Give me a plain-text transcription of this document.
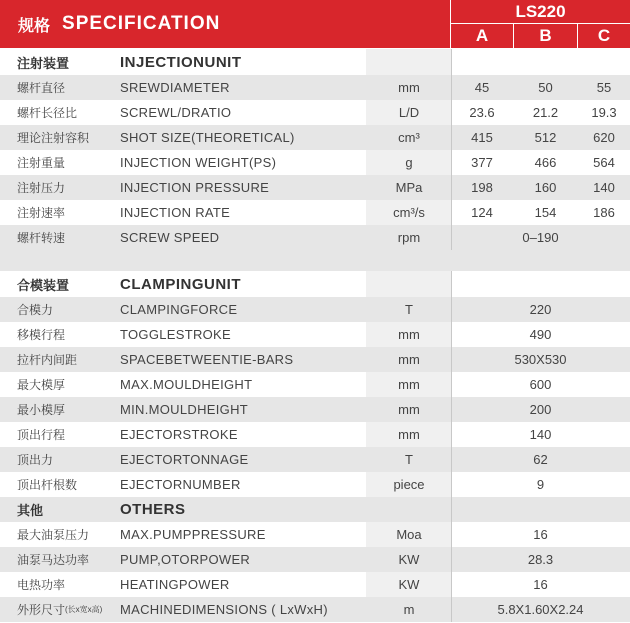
规格 SPECIFICATION
LS220
A	B	C
注射装置	INJECTIONUNIT
螺杆直径	SREWDIAMETER	mm	45	50	55
螺杆长径比	SCREWL/DRATIO	L/D	23.6	21.2	19.3
理论注射容积 SHOT SIZE(THEORETICAL)	cm³	415	512	620
注射重量	INJECTION WEIGHT(PS)	g	377	466	564
注射压力	INJECTION PRESSURE	MPa	198	160	140
注射速率	INJECTION RATE	cm³/s	124	154	186
螺杆转速	SCREW SPEED	rpm	0–190
合模装置	CLAMPINGUNIT
合模力	CLAMPINGFORCE	T	220
移模行程	TOGGLESTROKE	mm	490
拉杆内间距	SPACEBETWEENTIE-BARS	mm	530X530
最大模厚	MAX.MOULDHEIGHT	mm	600
最小模厚	MIN.MOULDHEIGHT	mm	200
顶出行程	EJECTORSTROKE	mm	140
顶出力	EJECTORTONNAGE	T	62
顶出杆根数	EJECTORNUMBER	piece	9
其他	OTHERS
最大油泵压力 MAX.PUMPPRESSURE	Moa	16
油泵马达功率 PUMP,OTORPOWER	KW	28.3
电热功率	HEATINGPOWER	KW	16
外形尺寸 (长x宽x高) MACHINEDIMENSIONS ( LxWxH)	m	5.8X1.60X2.24
